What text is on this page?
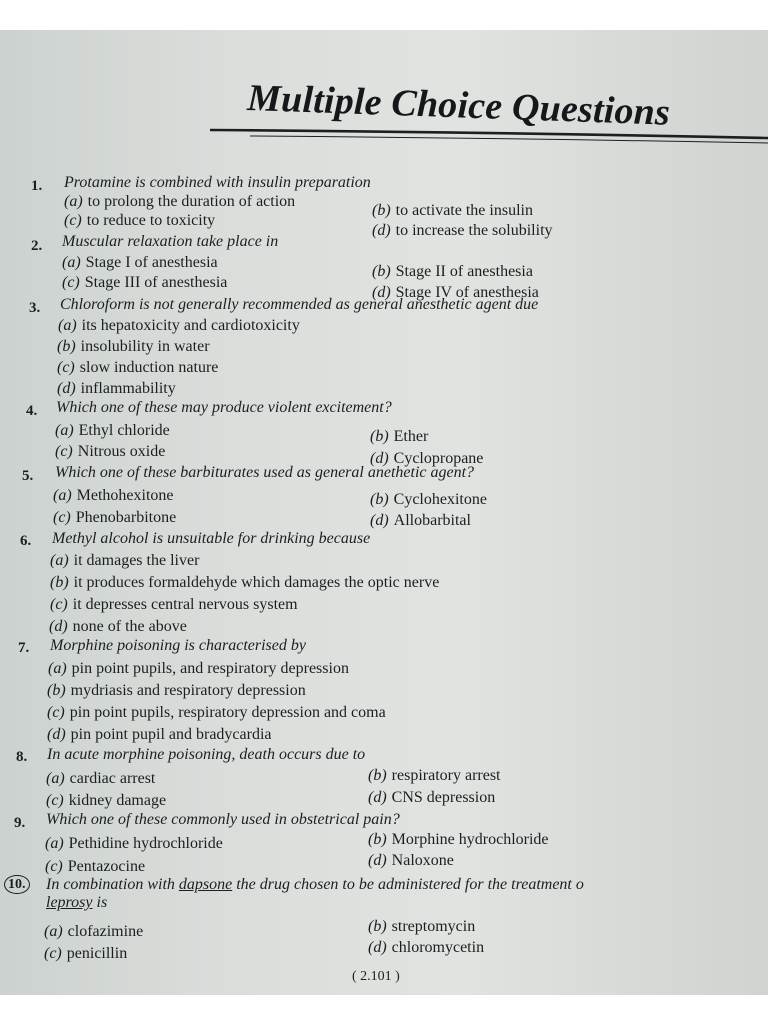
Multiple Choice Questions
1. Protamine is combined with insulin preparation
(a) to prolong the duration of action
(b) to activate the insulin
(c) to reduce to toxicity
(d) to increase the solubility
2. Muscular relaxation take place in
(a) Stage I of anesthesia
(b) Stage II of anesthesia
(c) Stage III of anesthesia
(d) Stage IV of anesthesia
3. Chloroform is not generally recommended as general anesthetic agent due
(a) its hepatoxicity and cardiotoxicity
(b) insolubility in water
(c) slow induction nature
(d) inflammability
4. Which one of these may produce violent excitement?
(a) Ethyl chloride	(b) Ether
(c) Nitrous oxide	(d) Cyclopropane
5. Which one of these barbiturates used as general anethetic agent?
(a) Methohexitone	(b) Cyclohexitone
(c) Phenobarbitone	(d) Allobarbital
6. Methyl alcohol is unsuitable for drinking because
(a) it damages the liver
(b) it produces formaldehyde which damages the optic nerve
(c) it depresses central nervous system
(d) none of the above
7. Morphine poisoning is characterised by
(a) pin point pupils, and respiratory depression
(b) mydriasis and respiratory depression
(c) pin point pupils, respiratory depression and coma
(d) pin point pupil and bradycardia
8. In acute morphine poisoning, death occurs due to
(a) cardiac arrest	(b) respiratory arrest
(c) kidney damage	(d) CNS depression
9. Which one of these commonly used in obstetrical pain?
(a) Pethidine hydrochloride	(b) Morphine hydrochloride
(c) Pentazocine	(d) Naloxone
10. In combination with dapsone the drug chosen to be administered for the treatment o
leprosy is
(a) clofazimine	(b) streptomycin
(c) penicillin	(d) chloromycetin
( 2.101 )
